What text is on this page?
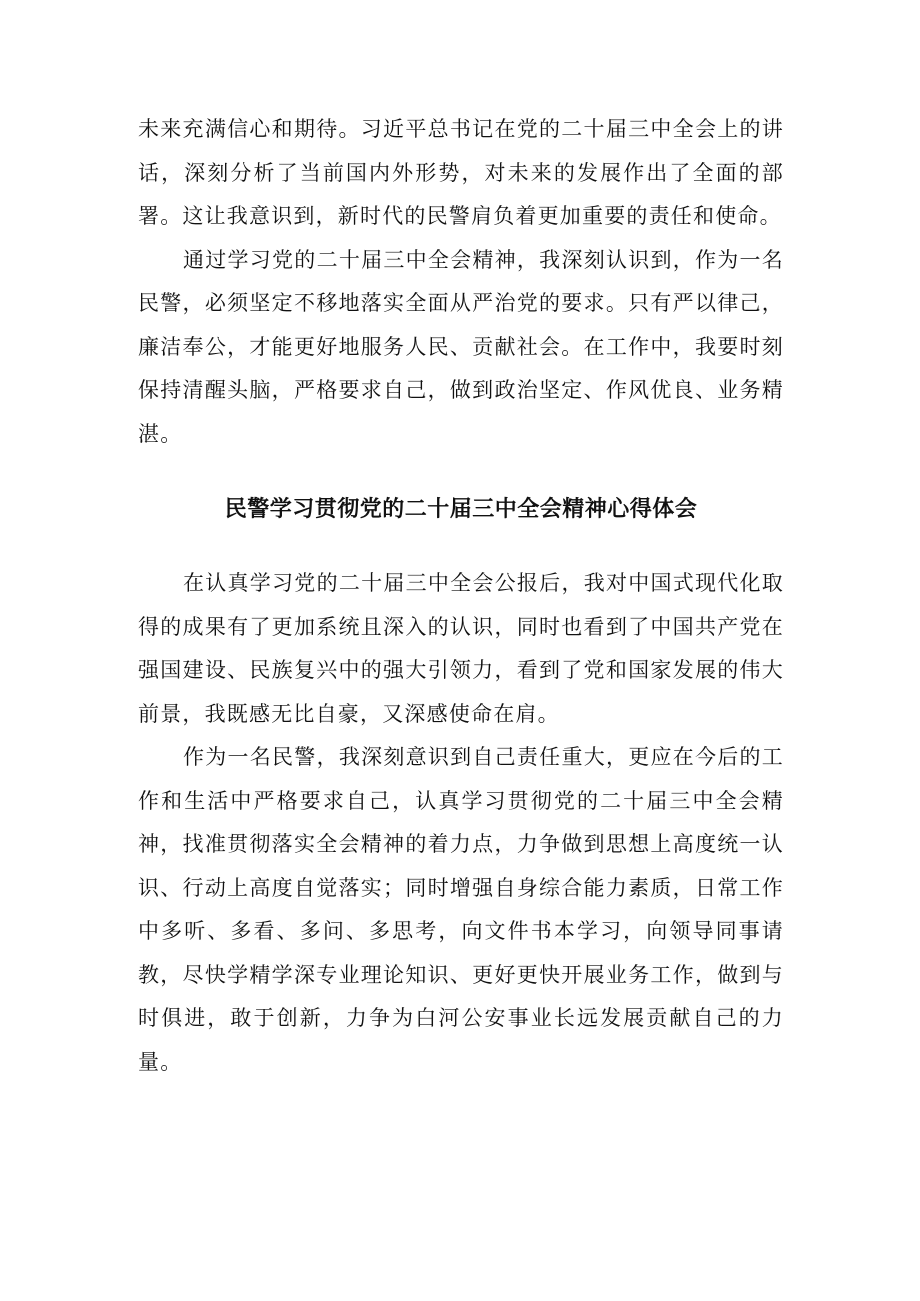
未来充满信心和期待。习近平总书记在党的二十届三中全会上的讲话，深刻分析了当前国内外形势，对未来的发展作出了全面的部署。这让我意识到，新时代的民警肩负着更加重要的责任和使命。

通过学习党的二十届三中全会精神，我深刻认识到，作为一名民警，必须坚定不移地落实全面从严治党的要求。只有严以律己，廉洁奉公，才能更好地服务人民、贡献社会。在工作中，我要时刻保持清醒头脑，严格要求自己，做到政治坚定、作风优良、业务精湛。

民警学习贯彻党的二十届三中全会精神心得体会

在认真学习党的二十届三中全会公报后，我对中国式现代化取得的成果有了更加系统且深入的认识，同时也看到了中国共产党在强国建设、民族复兴中的强大引领力，看到了党和国家发展的伟大前景，我既感无比自豪，又深感使命在肩。

作为一名民警，我深刻意识到自己责任重大，更应在今后的工作和生活中严格要求自己，认真学习贯彻党的二十届三中全会精神，找准贯彻落实全会精神的着力点，力争做到思想上高度统一认识、行动上高度自觉落实；同时增强自身综合能力素质，日常工作中多听、多看、多问、多思考，向文件书本学习，向领导同事请教，尽快学精学深专业理论知识、更好更快开展业务工作，做到与时俱进，敢于创新，力争为白河公安事业长远发展贡献自己的力量。
